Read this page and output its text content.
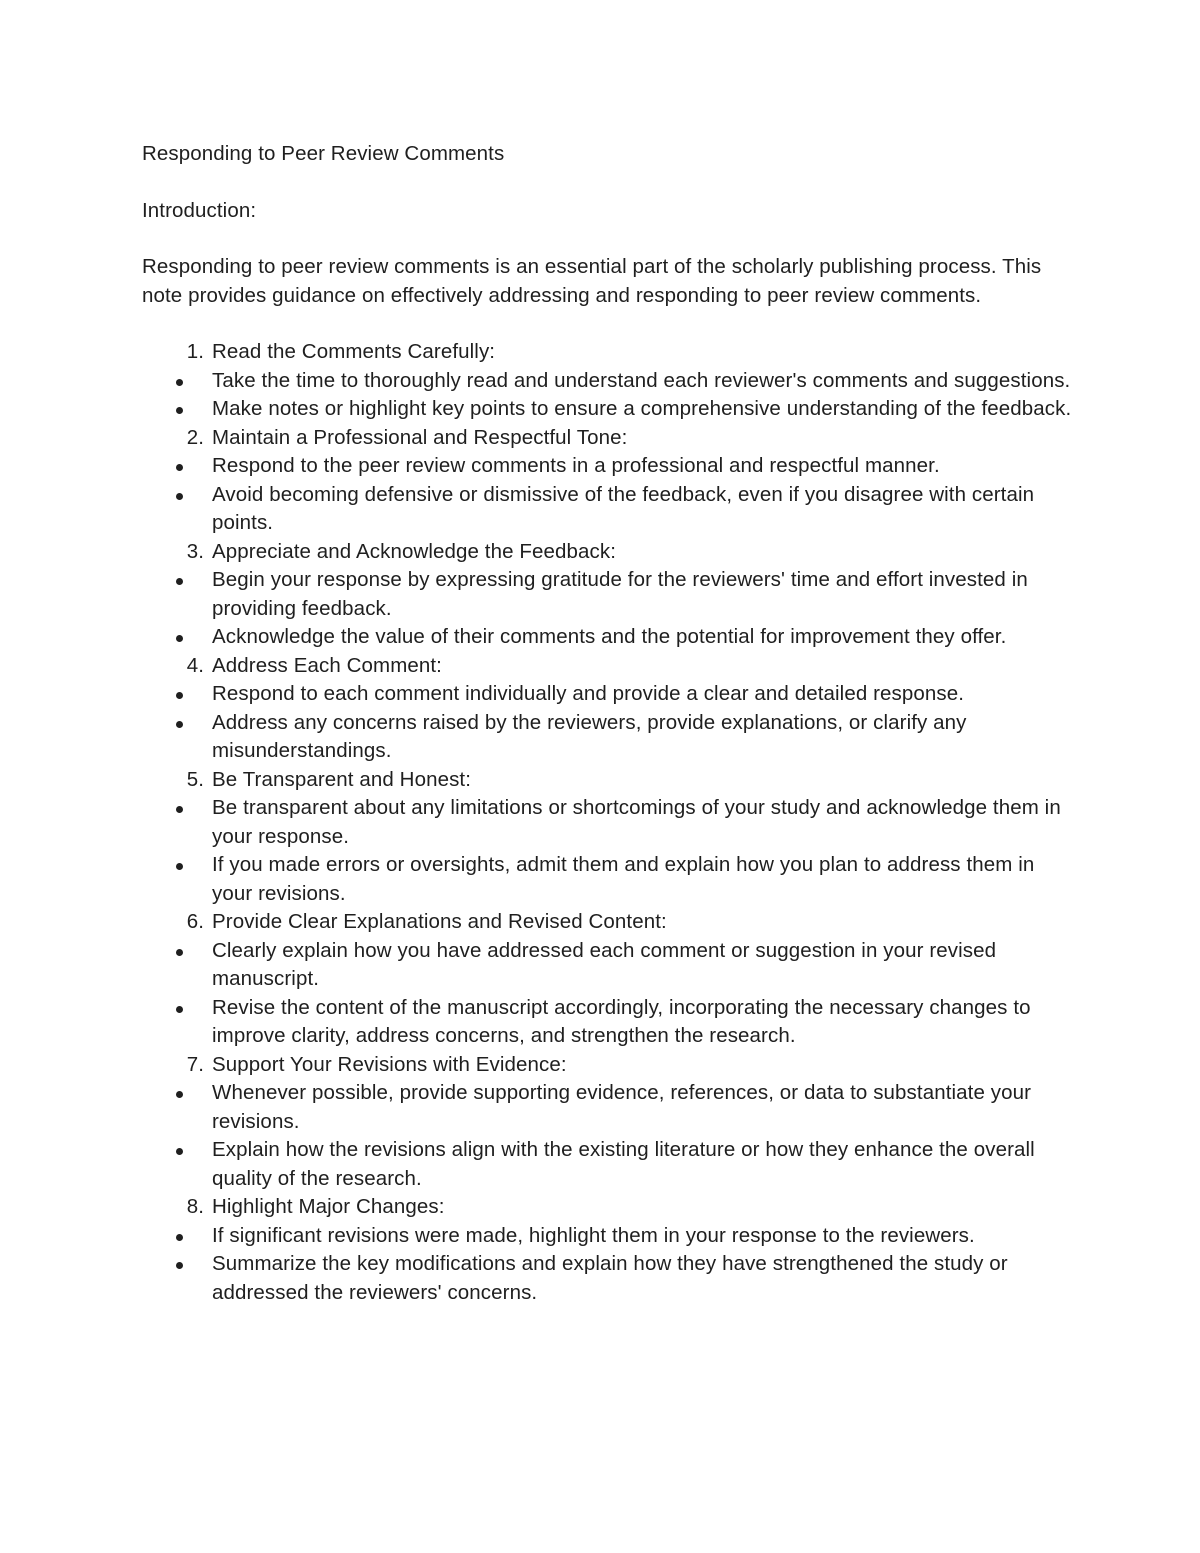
Responding to Peer Review Comments
Introduction:
Responding to peer review comments is an essential part of the scholarly publishing process. This note provides guidance on effectively addressing and responding to peer review comments.
1. Read the Comments Carefully:
Take the time to thoroughly read and understand each reviewer's comments and suggestions.
Make notes or highlight key points to ensure a comprehensive understanding of the feedback.
2. Maintain a Professional and Respectful Tone:
Respond to the peer review comments in a professional and respectful manner.
Avoid becoming defensive or dismissive of the feedback, even if you disagree with certain points.
3. Appreciate and Acknowledge the Feedback:
Begin your response by expressing gratitude for the reviewers' time and effort invested in providing feedback.
Acknowledge the value of their comments and the potential for improvement they offer.
4. Address Each Comment:
Respond to each comment individually and provide a clear and detailed response.
Address any concerns raised by the reviewers, provide explanations, or clarify any misunderstandings.
5. Be Transparent and Honest:
Be transparent about any limitations or shortcomings of your study and acknowledge them in your response.
If you made errors or oversights, admit them and explain how you plan to address them in your revisions.
6. Provide Clear Explanations and Revised Content:
Clearly explain how you have addressed each comment or suggestion in your revised manuscript.
Revise the content of the manuscript accordingly, incorporating the necessary changes to improve clarity, address concerns, and strengthen the research.
7. Support Your Revisions with Evidence:
Whenever possible, provide supporting evidence, references, or data to substantiate your revisions.
Explain how the revisions align with the existing literature or how they enhance the overall quality of the research.
8. Highlight Major Changes:
If significant revisions were made, highlight them in your response to the reviewers.
Summarize the key modifications and explain how they have strengthened the study or addressed the reviewers' concerns.
